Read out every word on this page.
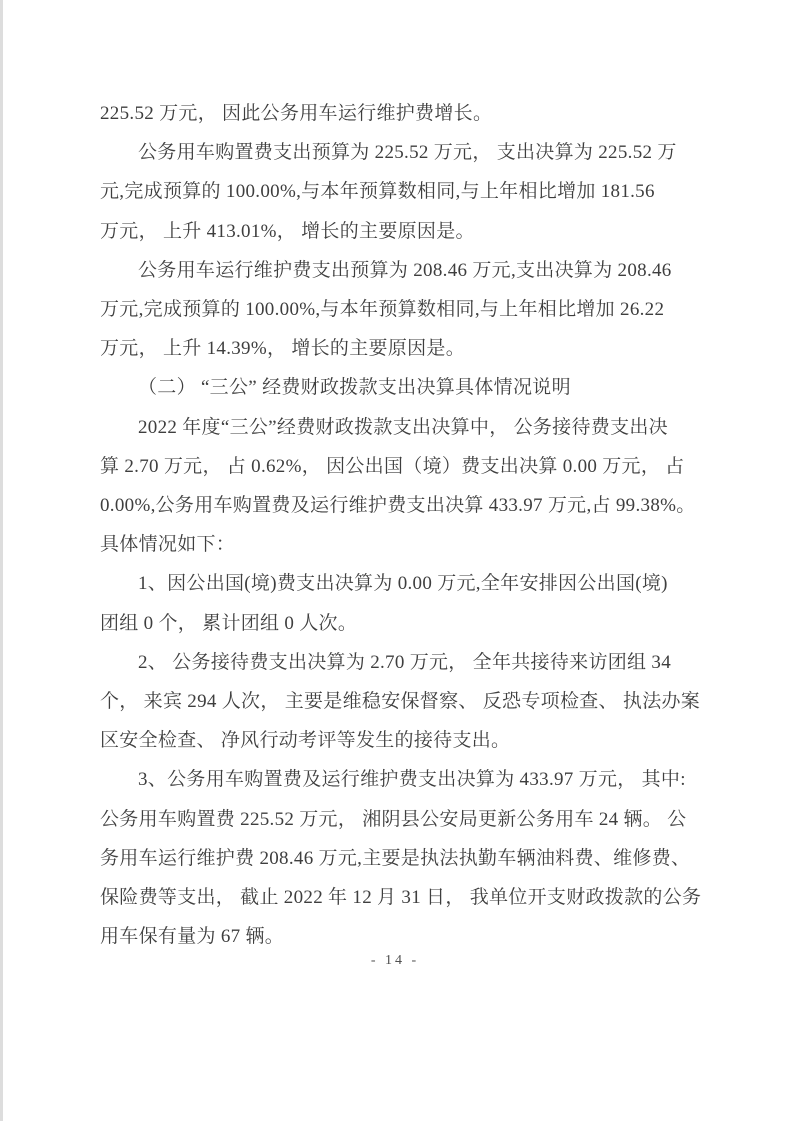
225.52 万元， 因此公务用车运行维护费增长。
公务用车购置费支出预算为 225.52 万元， 支出决算为 225.52 万
元,完成预算的 100.00%,与本年预算数相同,与上年相比增加 181.56
万元， 上升 413.01%， 增长的主要原因是。
公务用车运行维护费支出预算为 208.46 万元,支出决算为 208.46
万元,完成预算的 100.00%,与本年预算数相同,与上年相比增加 26.22
万元， 上升 14.39%， 增长的主要原因是。
（二） “三公” 经费财政拨款支出决算具体情况说明
2022 年度“三公”经费财政拨款支出决算中， 公务接待费支出决
算 2.70 万元， 占 0.62%， 因公出国（境）费支出决算 0.00 万元， 占
0.00%,公务用车购置费及运行维护费支出决算 433.97 万元,占 99.38%。
具体情况如下：
1、因公出国(境)费支出决算为 0.00 万元,全年安排因公出国(境)
团组 0 个， 累计团组 0 人次。
2、 公务接待费支出决算为 2.70 万元， 全年共接待来访团组 34
个， 来宾 294 人次， 主要是维稳安保督察、 反恐专项检查、 执法办案
区安全检查、 净风行动考评等发生的接待支出。
3、公务用车购置费及运行维护费支出决算为 433.97 万元， 其中:
公务用车购置费 225.52 万元， 湘阴县公安局更新公务用车 24 辆。 公
务用车运行维护费 208.46 万元,主要是执法执勤车辆油料费、维修费、
保险费等支出， 截止 2022 年 12 月 31 日， 我单位开支财政拨款的公务
用车保有量为 67 辆。
- 14 -
